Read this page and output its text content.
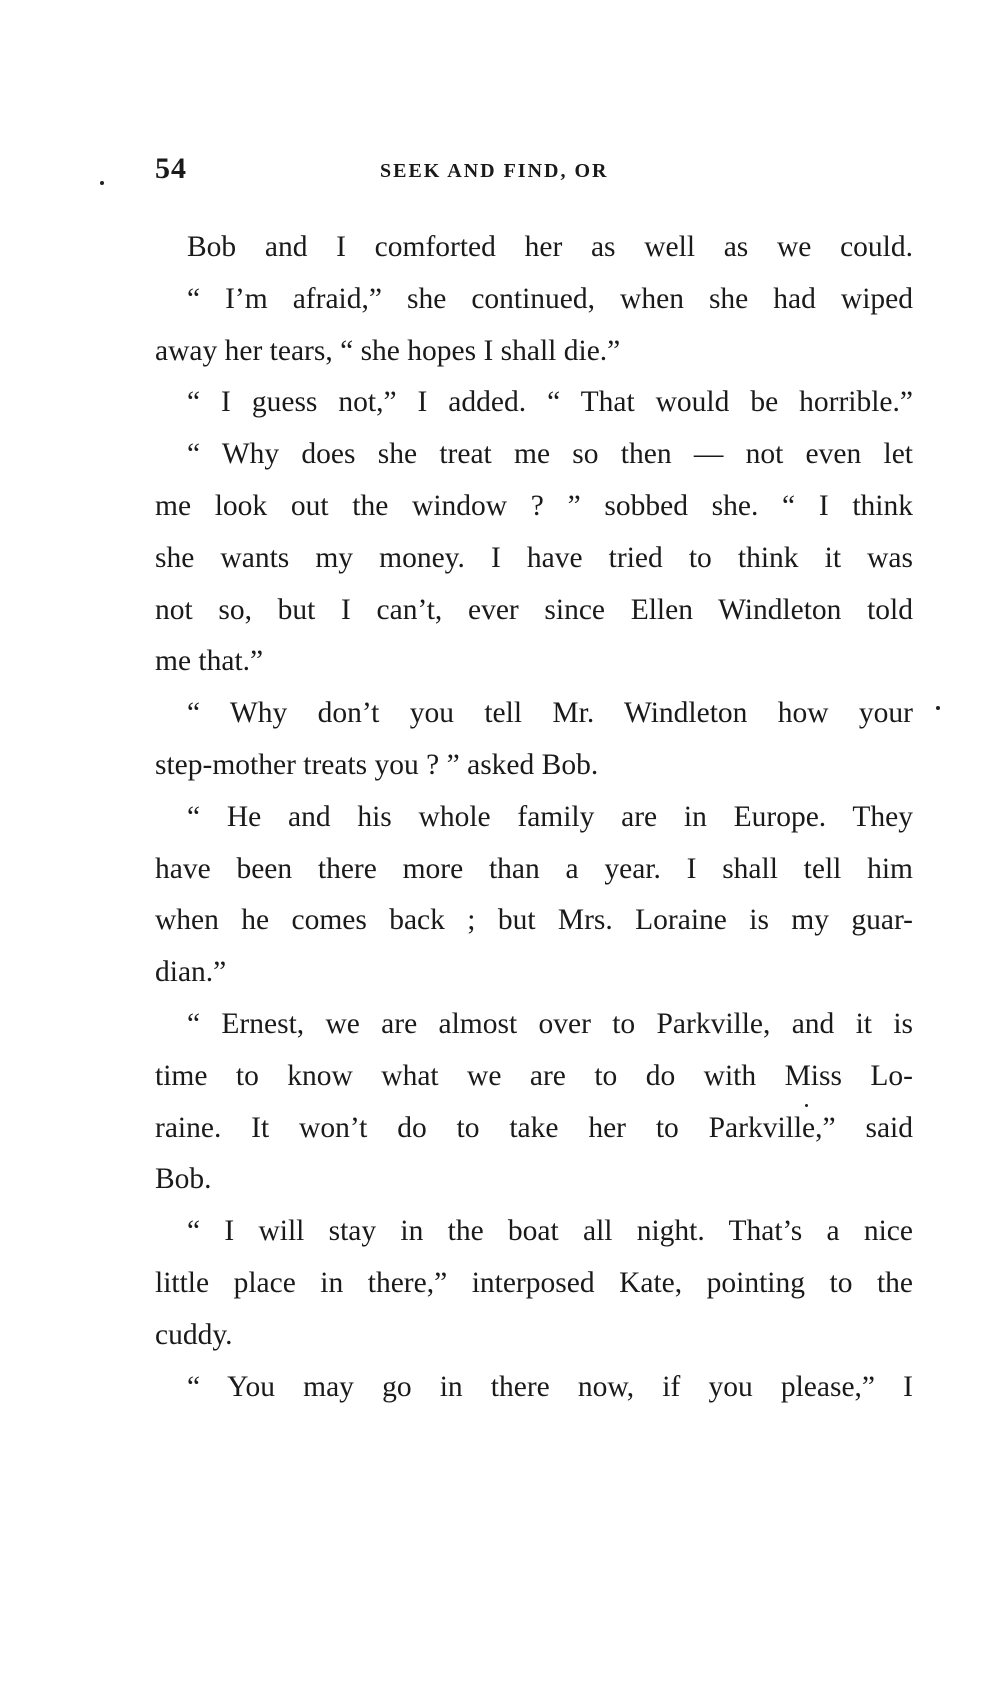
54	SEEK AND FIND, OR
Bob and I comforted her as well as we could.
“ I’m afraid,” she continued, when she had wiped
away her tears, “ she hopes I shall die.”
“ I guess not,” I added. “ That would be horrible.”
“ Why does she treat me so then — not even let
me look out the window ? ” sobbed she. “ I think
she wants my money. I have tried to think it was
not so, but I can’t, ever since Ellen Windleton told
me that.”
“ Why don’t you tell Mr. Windleton how your
step-mother treats you ? ” asked Bob.
“ He and his whole family are in Europe. They
have been there more than a year. I shall tell him
when he comes back ; but Mrs. Loraine is my guar-
dian.”
“ Ernest, we are almost over to Parkville, and it is
time to know what we are to do with Miss Lo-
raine. It won’t do to take her to Parkville,” said
Bob.
“ I will stay in the boat all night. That’s a nice
little place in there,” interposed Kate, pointing to the
cuddy.
“ You may go in there now, if you please,” I
